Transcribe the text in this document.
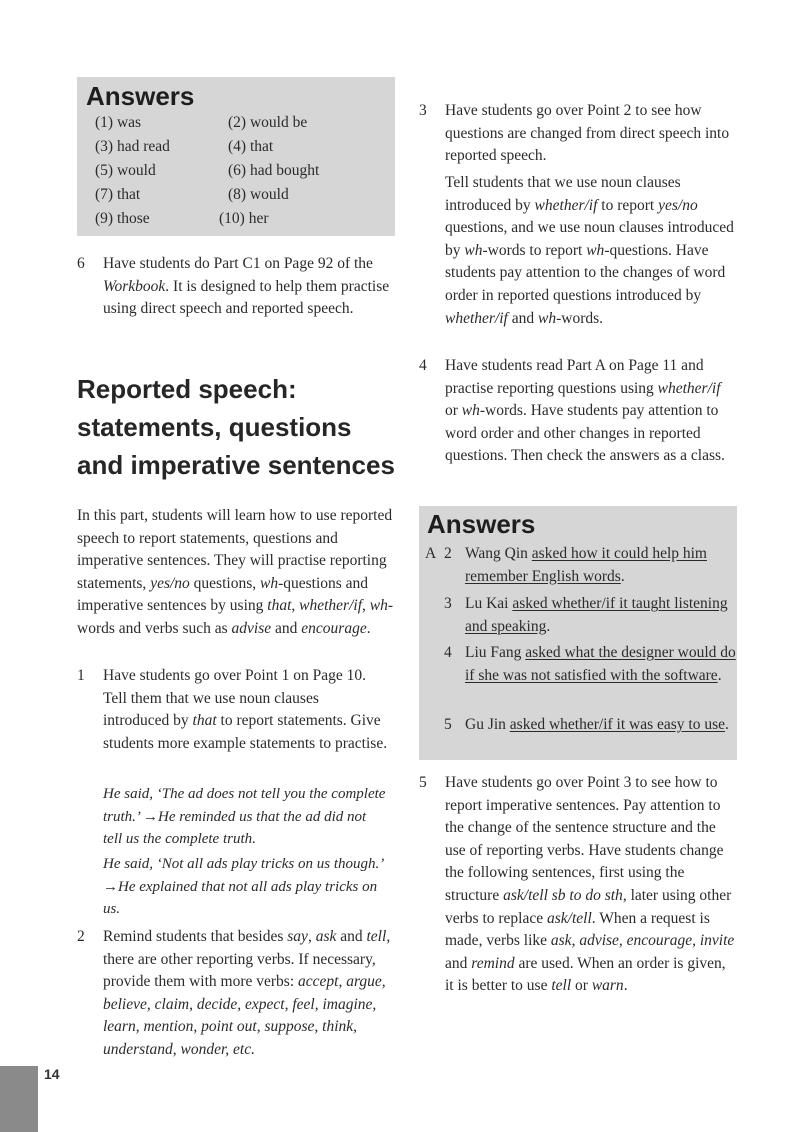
Answers
(1) was	(2) would be
(3) had read	(4) that
(5) would	(6) had bought
(7) that	(8) would
(9) those	(10) her
6 Have students do Part C1 on Page 92 of the Workbook. It is designed to help them practise using direct speech and reported speech.

Reported speech:
statements, questions
and imperative sentences

In this part, students will learn how to use reported speech to report statements, questions and imperative sentences. They will practise reporting statements, yes/no questions, wh-questions and imperative sentences by using that, whether/if, wh-words and verbs such as advise and encourage.

1 Have students go over Point 1 on Page 10. Tell them that we use noun clauses introduced by that to report statements. Give students more example statements to practise.

He said, ‘The ad does not tell you the complete truth.’ →He reminded us that the ad did not tell us the complete truth.

He said, ‘Not all ads play tricks on us though.’ →He explained that not all ads play tricks on us.

2 Remind students that besides say, ask and tell, there are other reporting verbs. If necessary, provide them with more verbs: accept, argue, believe, claim, decide, expect, feel, imagine, learn, mention, point out, suppose, think, understand, wonder, etc.

3 Have students go over Point 2 to see how questions are changed from direct speech into reported speech.

Tell students that we use noun clauses introduced by whether/if to report yes/no questions, and we use noun clauses introduced by wh-words to report wh-questions. Have students pay attention to the changes of word order in reported questions introduced by whether/if and wh-words.

4 Have students read Part A on Page 11 and practise reporting questions using whether/if or wh-words. Have students pay attention to word order and other changes in reported questions. Then check the answers as a class.

Answers
A 2 Wang Qin asked how it could help him remember English words.

3 Lu Kai asked whether/if it taught listening and speaking.

4 Liu Fang asked what the designer would do if she was not satisfied with the software.

5 Gu Jin asked whether/if it was easy to use.

5 Have students go over Point 3 to see how to report imperative sentences. Pay attention to the change of the sentence structure and the use of reporting verbs. Have students change the following sentences, first using the structure ask/tell sb to do sth, later using other verbs to replace ask/tell. When a request is made, verbs like ask, advise, encourage, invite and remind are used. When an order is given, it is better to use tell or warn.

14
